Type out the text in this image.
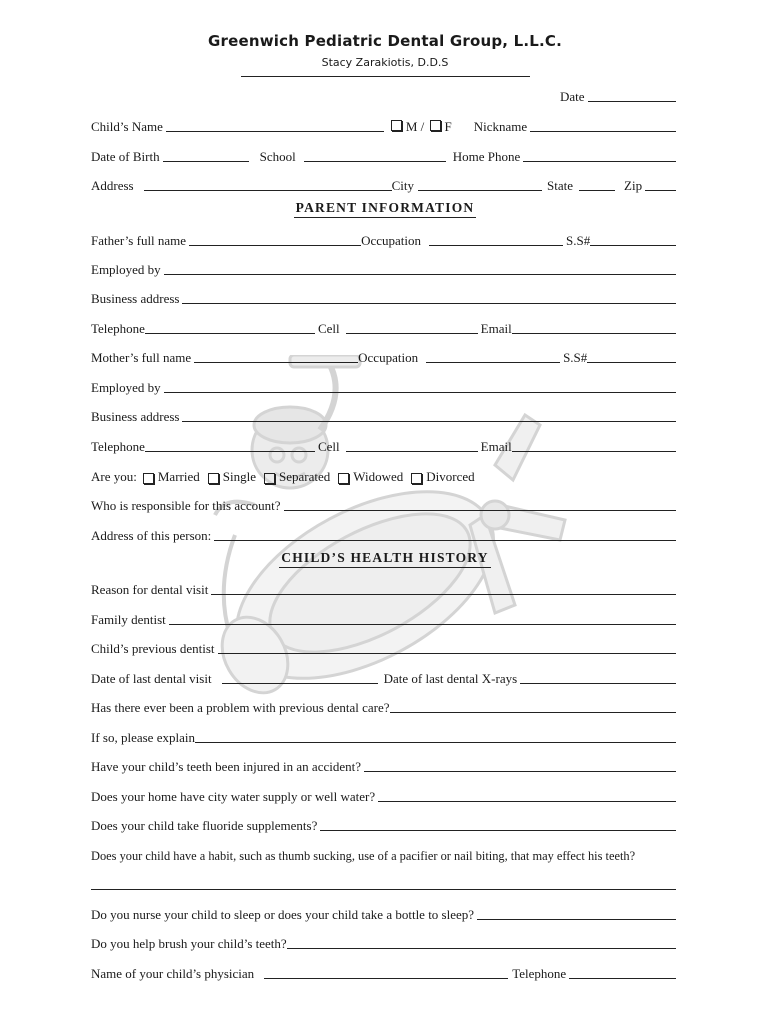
Greenwich Pediatric Dental Group, L.L.C.
Stacy Zarakiotis, D.D.S
Date
Child’s Name	M / F Nickname
Date of Birth	School	Home Phone
Address	City	State	Zip
PARENT INFORMATION
Father’s full name	Occupation	S.S#
Employed by
Business address
Telephone	Cell	Email
Mother’s full name	Occupation	S.S#
Employed by
Business address
Telephone	Cell	Email
Are you: Married Single Separated Widowed Divorced
Who is responsible for this account?
Address of this person:
CHILD’S HEALTH HISTORY
Reason for dental visit
Family dentist
Child’s previous dentist
Date of last dental visit	Date of last dental X-rays
Has there ever been a problem with previous dental care?
If so, please explain
Have your child’s teeth been injured in an accident?
Does your home have city water supply or well water?
Does your child take fluoride supplements?
Does your child have a habit, such as thumb sucking, use of a pacifier or nail biting, that may effect his teeth?
Do you nurse your child to sleep or does your child take a bottle to sleep?
Do you help brush your child’s teeth?
Name of your child’s physician	Telephone
